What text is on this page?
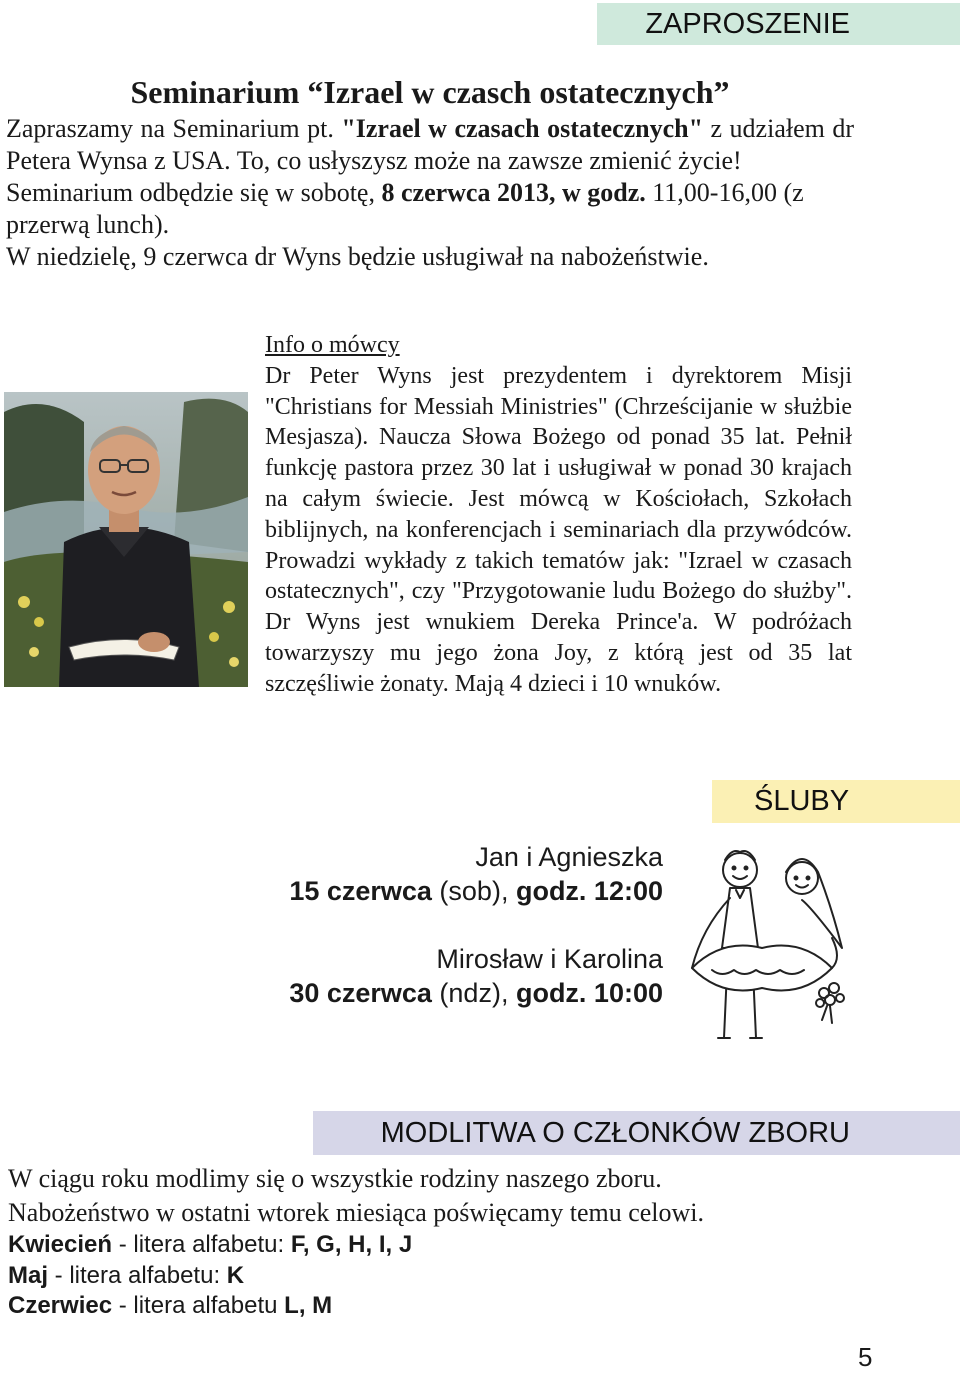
ZAPROSZENIE
Seminarium “Izrael w czasch ostatecznych”

Zapraszamy na Seminarium pt. "Izrael w czasach ostatecznych" z udziałem dr Petera Wynsa z USA. To, co usłyszysz może na zawsze zmienić życie!

Seminarium odbędzie się w sobotę, 8 czerwca 2013, w godz. 11,00-16,00 (z przerwą lunch).

W niedzielę, 9 czerwca dr Wyns będzie usługiwał na nabożeństwie.

Info o mówcy

Dr Peter Wyns jest prezydentem i dyrektorem Misji "Christians for Messiah Ministries" (Chrześcijanie w służbie Mesjasza). Naucza Słowa Bożego od ponad 35 lat. Pełnił funkcję pastora przez 30 lat i usługiwał w ponad 30 krajach na całym świecie. Jest mówcą w Kościołach, Szkołach biblijnych, na konferencjach i seminariach dla przywódców. Prowadzi wykłady z takich tematów jak: "Izrael w czasach ostatecznych", czy "Przygotowanie ludu Bożego do służby". Dr Wyns jest wnukiem Dereka Prince'a. W podróżach towarzyszy mu jego żona Joy, z którą jest od 35 lat szczęśliwie żonaty. Mają 4 dzieci i 10 wnuków.

ŚLUBY
Jan i Agnieszka
15 czerwca (sob), godz. 12:00
Mirosław i Karolina
30 czerwca (ndz), godz. 10:00
MODLITWA O CZŁONKÓW ZBORU

W ciągu roku modlimy się o wszystkie rodziny naszego zboru.

Nabożeństwo w ostatni wtorek miesiąca poświęcamy temu celowi.

Kwiecień - litera alfabetu: F, G, H, I, J

Maj - litera alfabetu: K

Czerwiec - litera alfabetu L, M

5
